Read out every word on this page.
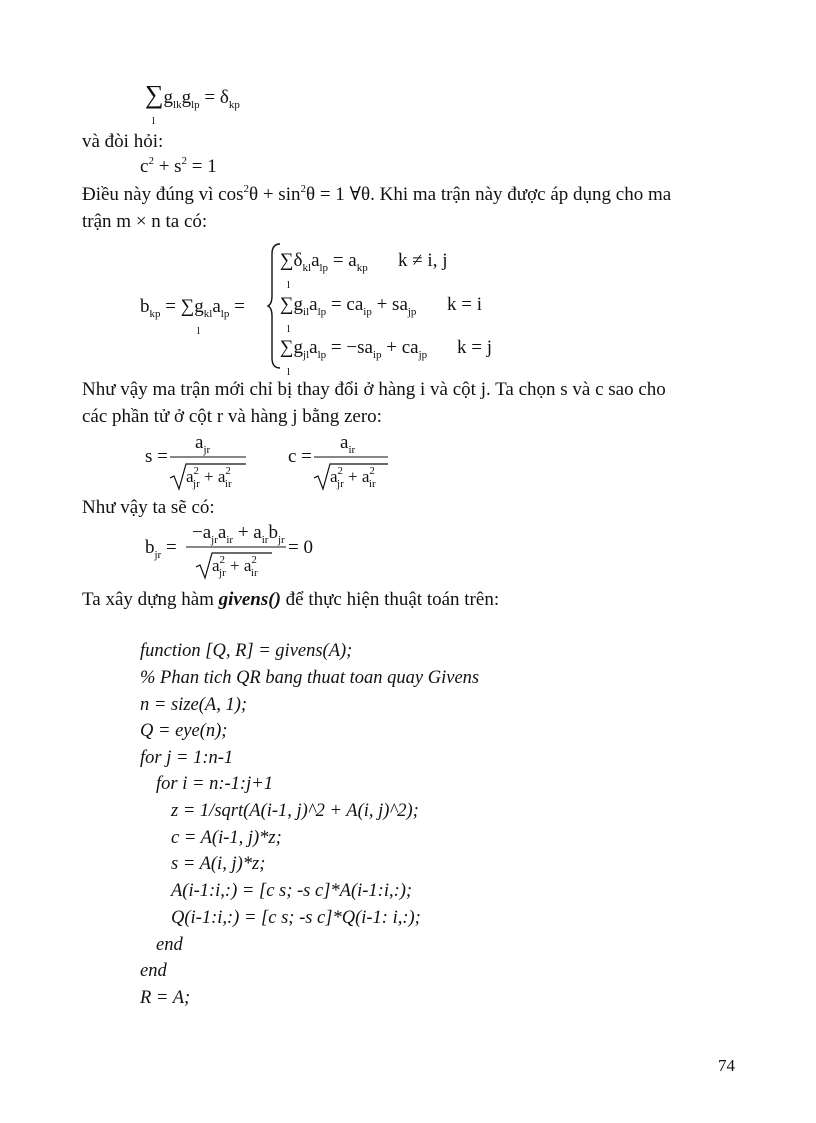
$\sum g_{lk}g_{lp} = \delta_{kp}$
l
và đòi hỏi:
$c^2 + s^2 = 1$
Điều này đúng vì $\cos^2\theta + \sin^2\theta = 1$ ∀θ. Khi ma trận này được áp dụng cho ma
trận m × n ta có:
$b_{kp} = \sum g_{kl}a_{lp}$ =
l
$\sum\delta_{kl}a_{lp} = a_{kp}$ k ≠ i, j
l
$\sum g_{il}a_{lp} = ca_{ip} + sa_{jp}$ k = i
l
$\sum g_{jl}a_{lp} = -sa_{ip} + ca_{jp}$ k = j
l
Như vậy ma trận mới chỉ bị thay đổi ở hàng i và cột j. Ta chọn s và c sao cho
các phần tử ở cột r và hàng j bằng zero:
s =
$a_{jr}$
$a^2_{jr} + a^2_{ir}$
c =
$a_{ir}$
$a^2_{jr} + a^2_{ir}$
Như vậy ta sẽ có:
$b_{jr}$ =
$-a_{jr}a_{ir} + a_{ir}b_{jr}$
$a^2_{jr} + a^2_{ir}$
= 0
Ta xây dựng hàm givens() để thực hiện thuật toán trên:
function [Q, R] = givens(A);
% Phan tich QR bang thuat toan quay Givens
n = size(A, 1);
Q = eye(n);
for j = 1:n-1
for i = n:-1:j+1
z = 1/sqrt(A(i-1, j)^2 + A(i, j)^2);
c = A(i-1, j)*z;
s = A(i, j)*z;
A(i-1:i,:) = [c s; -s c]*A(i-1:i,:);
Q(i-1:i,:) = [c s; -s c]*Q(i-1: i,:);
end
end
R = A;
74
